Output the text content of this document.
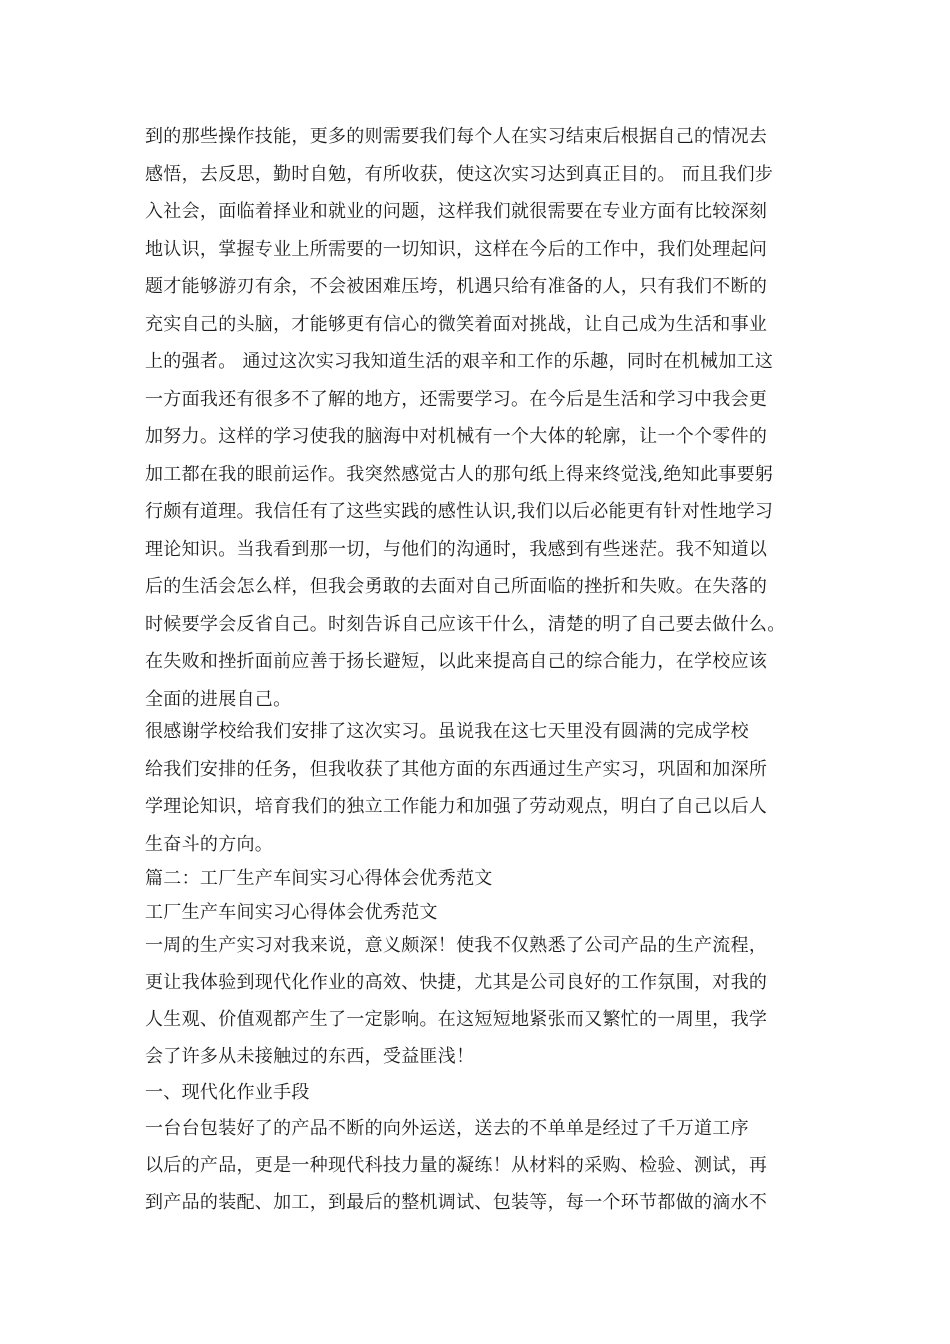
到的那些操作技能，更多的则需要我们每个人在实习结束后根据自己的情况去
感悟，去反思，勤时自勉，有所收获，使这次实习达到真正目的。 而且我们步
入社会，面临着择业和就业的问题，这样我们就很需要在专业方面有比较深刻
地认识，掌握专业上所需要的一切知识，这样在今后的工作中，我们处理起问
题才能够游刃有余，不会被困难压垮，机遇只给有准备的人，只有我们不断的
充实自己的头脑，才能够更有信心的微笑着面对挑战，让自己成为生活和事业
上的强者。 通过这次实习我知道生活的艰辛和工作的乐趣，同时在机械加工这
一方面我还有很多不了解的地方，还需要学习。在今后是生活和学习中我会更
加努力。这样的学习使我的脑海中对机械有一个大体的轮廓，让一个个零件的
加工都在我的眼前运作。我突然感觉古人的那句纸上得来终觉浅,绝知此事要躬
行颇有道理。我信任有了这些实践的感性认识,我们以后必能更有针对性地学习
理论知识。当我看到那一切，与他们的沟通时，我感到有些迷茫。我不知道以
后的生活会怎么样，但我会勇敢的去面对自己所面临的挫折和失败。在失落的
时候要学会反省自己。时刻告诉自己应该干什么，清楚的明了自己要去做什么。
在失败和挫折面前应善于扬长避短，以此来提高自己的综合能力，在学校应该
全面的进展自己。
很感谢学校给我们安排了这次实习。虽说我在这七天里没有圆满的完成学校
给我们安排的任务，但我收获了其他方面的东西通过生产实习，巩固和加深所
学理论知识，培育我们的独立工作能力和加强了劳动观点，明白了自己以后人
生奋斗的方向。
篇二：工厂生产车间实习心得体会优秀范文
工厂生产车间实习心得体会优秀范文
一周的生产实习对我来说，意义颇深！使我不仅熟悉了公司产品的生产流程，
更让我体验到现代化作业的高效、快捷，尤其是公司良好的工作氛围，对我的
人生观、价值观都产生了一定影响。在这短短地紧张而又繁忙的一周里，我学
会了许多从未接触过的东西，受益匪浅！
一、现代化作业手段
一台台包装好了的产品不断的向外运送，送去的不单单是经过了千万道工序
以后的产品，更是一种现代科技力量的凝练！从材料的采购、检验、测试，再
到产品的装配、加工，到最后的整机调试、包装等，每一个环节都做的滴水不
